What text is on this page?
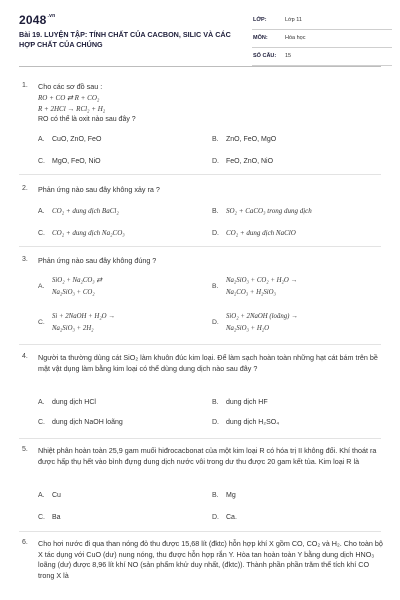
$2048^{.vn}$
Bài 19. LUYỆN TẬP: TÍNH CHẤT CỦA CACBON, SILIC VÀ CÁC HỢP CHẤT CỦA CHÚNG
LỚP:	Lớp 11
MÔN:	Hóa học
SỐ CÂU: 15
1. Cho các sơ đồ sau :
RO + CO ⇄ R + CO₂
R + 2HCl → RCl₂ + H₂
RO có thể là oxit nào sau đây ?
A. CuO, ZnO, FeO	B. ZnO, FeO, MgO
C. MgO, FeO, NiO	D. FeO, ZnO, NiO
2. Phản ứng nào sau đây không xảy ra ?
A. CO₂ + dung dịch BaCl₂	B. SO₂ + CaCO₃ trong dung dịch
C. CO₂ + dung dịch Na₂CO₃	D. CO₂ + dung dịch NaClO
3. Phản ứng nào sau đây không đúng ?
A.
SiO₂ + Na₂CO₃ ⇄
Na₂SiO₃ + CO₂
B.
Na₂SiO₃ + CO₂ + H₂O →
Na₂CO₃ + H₂SiO₃
C.
Si + 2NaOH + H₂O →
Na₂SiO₃ + 2H₂
D.
SiO₂ + 2NaOH (loãng) →
Na₂SiO₃ + H₂O
4. Người ta thường dùng cát SiO₂ làm khuôn đúc kim loại. Để làm sạch hoàn toàn những hạt cát bám trên bề mặt vật dụng làm bằng kim loại có thể dùng dung dịch nào sau đây ?
A. dung dịch HCl	B. dung dịch HF
C. dung dịch NaOH loãng	D. dung dịch H₂SO₄
5. Nhiệt phân hoàn toàn 25,9 gam muối hiđrocacbonat của một kim loại R có hóa trị II không đổi. Khí thoát ra được hấp thụ hết vào bình đựng dung dịch nước vôi trong dư thu được 20 gam kết tủa. Kim loại R là
A. Cu	B. Mg
C. Ba	D. Ca.
6. Cho hơi nước đi qua than nóng đỏ thu được 15,68 lít (đktc) hỗn hợp khí X gồm CO, CO₂ và H₂. Cho toàn bộ X tác dụng với CuO (dư) nung nóng, thu được hỗn hợp rắn Y. Hòa tan hoàn toàn Y bằng dung dịch HNO₃ loãng (dư) được 8,96 lít khí NO (sản phẩm khử duy nhất, (đktc)). Thành phần phần trăm thể tích khí CO trong X là
